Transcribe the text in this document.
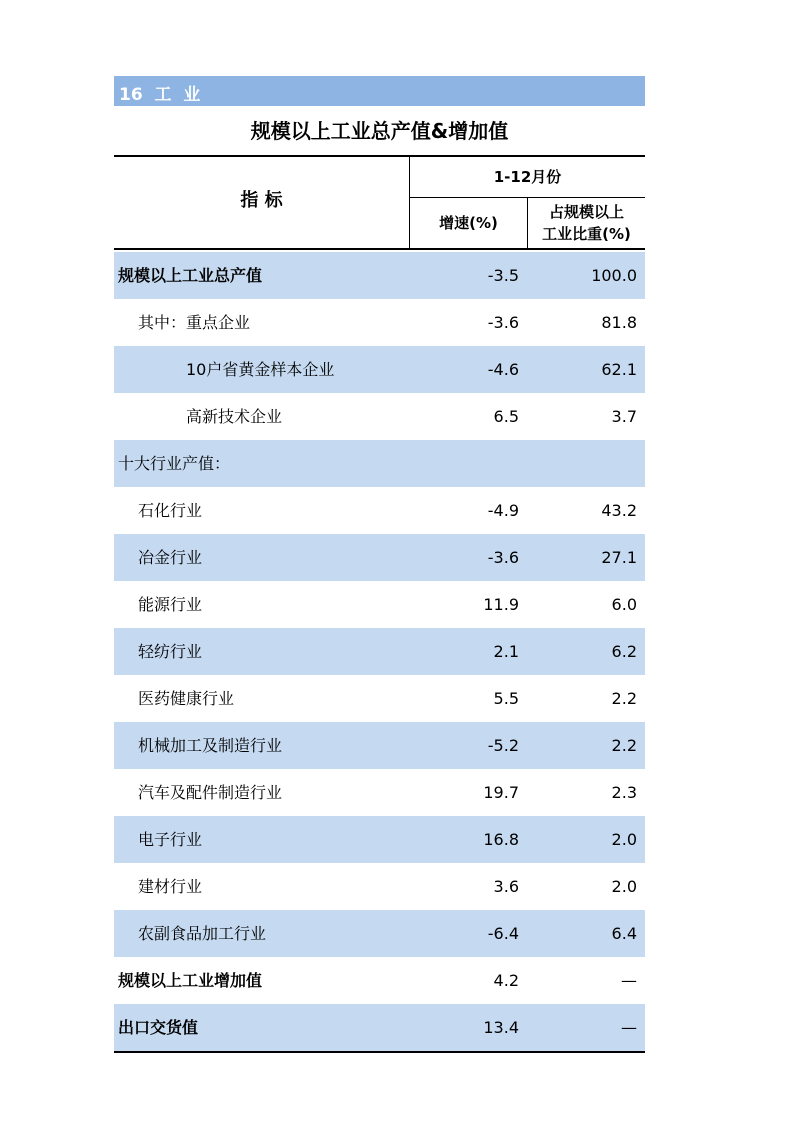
16  工  业
规模以上工业总产值&增加值
指 标
1-12月份
增速(%)
占规模以上
工业比重(%)
规模以上工业总产值	-3.5	100.0
其中：重点企业	-3.6	81.8
10户省黄金样本企业	-4.6	62.1
高新技术企业	6.5	3.7
十大行业产值：
石化行业	-4.9	43.2
冶金行业	-3.6	27.1
能源行业	11.9	6.0
轻纺行业	2.1	6.2
医药健康行业	5.5	2.2
机械加工及制造行业	-5.2	2.2
汽车及配件制造行业	19.7	2.3
电子行业	16.8	2.0
建材行业	3.6	2.0
农副食品加工行业	-6.4	6.4
规模以上工业增加值	4.2	—
出口交货值	13.4	—
